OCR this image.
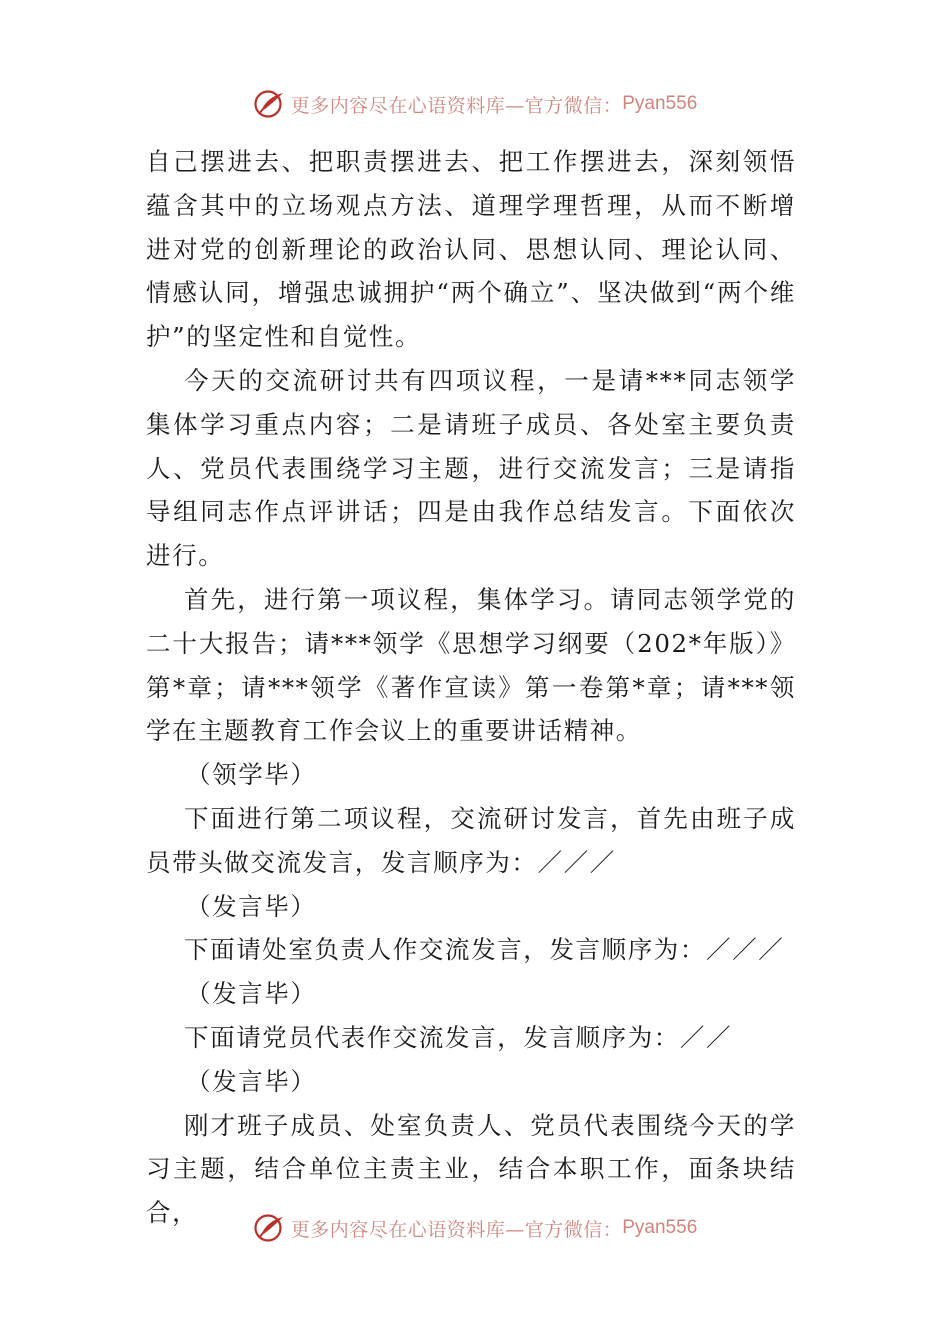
更多内容尽在心语资料库—官方微信： Pyan556

自己摆进去、把职责摆进去、把工作摆进去，深刻领悟蕴含其中的立场观点方法、道理学理哲理，从而不断增进对党的创新理论的政治认同、思想认同、理论认同、情感认同，增强忠诚拥护“两个确立”、坚决做到“两个维护”的坚定性和自觉性。

今天的交流研讨共有四项议程，一是请***同志领学集体学习重点内容；二是请班子成员、各处室主要负责人、党员代表围绕学习主题，进行交流发言；三是请指导组同志作点评讲话；四是由我作总结发言。下面依次进行。

首先，进行第一项议程，集体学习。请同志领学党的二十大报告；请***领学《思想学习纲要（202*年版）》第*章；请***领学《著作宣读》第一卷第*章；请***领学在主题教育工作会议上的重要讲话精神。

（领学毕）

下面进行第二项议程，交流研讨发言，首先由班子成员带头做交流发言，发言顺序为：／／／

（发言毕）

下面请处室负责人作交流发言，发言顺序为：／／／

（发言毕）

下面请党员代表作交流发言，发言顺序为：／／

（发言毕）

刚才班子成员、处室负责人、党员代表围绕今天的学习主题，结合单位主责主业，结合本职工作，面条块结合，

更多内容尽在心语资料库—官方微信： Pyan556
